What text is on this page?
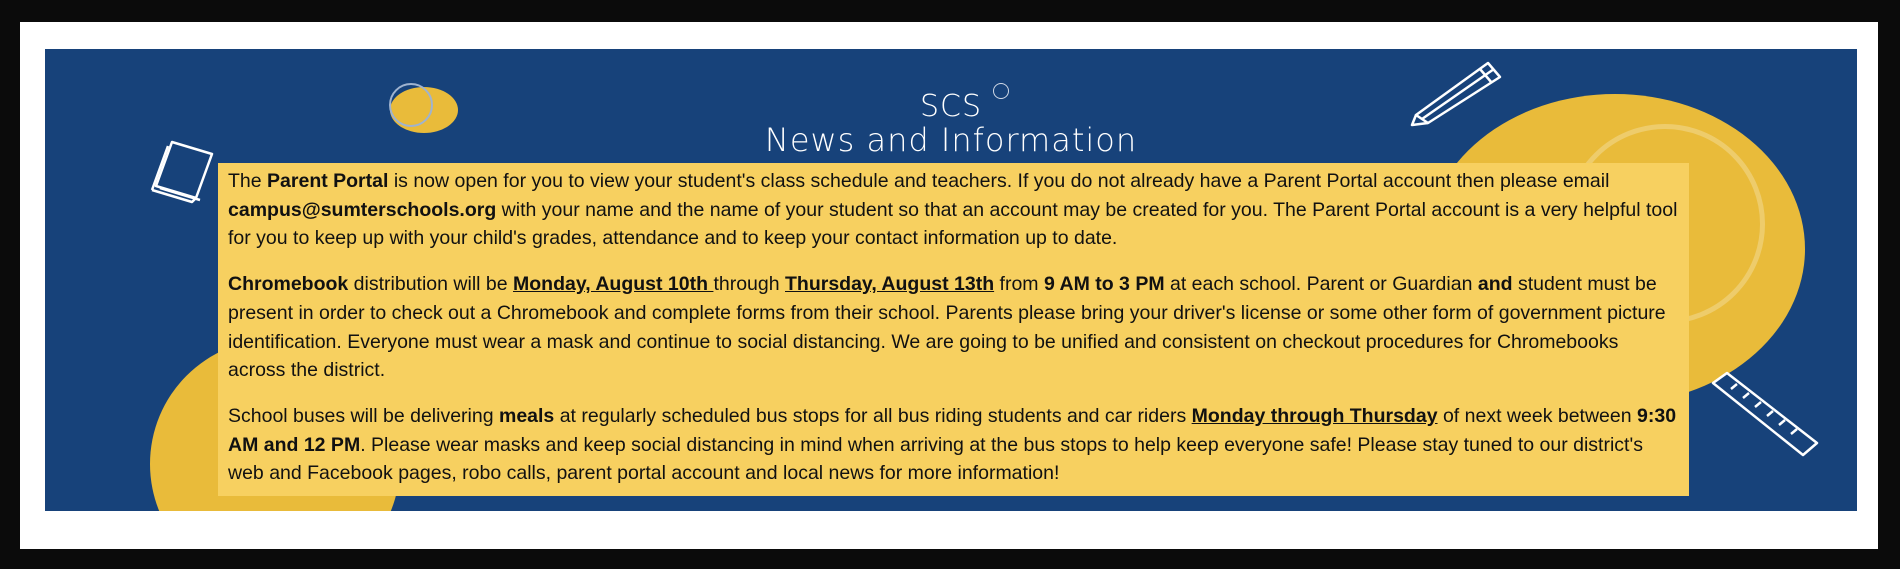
SCS
News and Information

The Parent Portal is now open for you to view your student's class schedule and teachers. If you do not already have a Parent Portal account then please email campus@sumterschools.org with your name and the name of your student so that an account may be created for you. The Parent Portal account is a very helpful tool for you to keep up with your child's grades, attendance and to keep your contact information up to date.

Chromebook distribution will be Monday, August 10th through Thursday, August 13th from 9 AM to 3 PM at each school. Parent or Guardian and student must be present in order to check out a Chromebook and complete forms from their school. Parents please bring your driver's license or some other form of government picture identification. Everyone must wear a mask and continue to social distancing. We are going to be unified and consistent on checkout procedures for Chromebooks across the district.

School buses will be delivering meals at regularly scheduled bus stops for all bus riding students and car riders Monday through Thursday of next week between 9:30 AM and 12 PM. Please wear masks and keep social distancing in mind when arriving at the bus stops to help keep everyone safe! Please stay tuned to our district's web and Facebook pages, robo calls, parent portal account and local news for more information!
